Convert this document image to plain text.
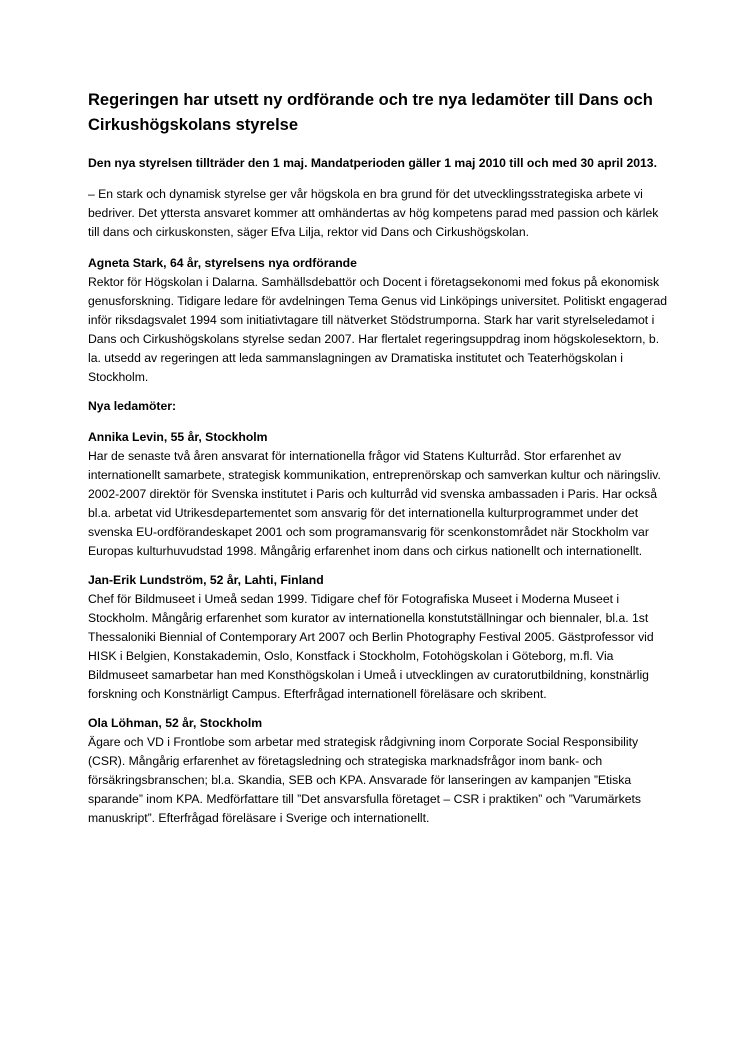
Regeringen har utsett ny ordförande och tre nya ledamöter till Dans och Cirkushögskolans styrelse

Den nya styrelsen tillträder den 1 maj. Mandatperioden gäller 1 maj 2010 till och med 30 april 2013.

– En stark och dynamisk styrelse ger vår högskola en bra grund för det utvecklingsstrategiska arbete vi bedriver. Det yttersta ansvaret kommer att omhändertas av hög kompetens parad med passion och kärlek till dans och cirkuskonsten, säger Efva Lilja, rektor vid Dans och Cirkushögskolan.

Agneta Stark, 64 år, styrelsens nya ordförande

Rektor för Högskolan i Dalarna. Samhällsdebattör och Docent i företagsekonomi med fokus på ekonomisk genusforskning. Tidigare ledare för avdelningen Tema Genus vid Linköpings universitet. Politiskt engagerad inför riksdagsvalet 1994 som initiativtagare till nätverket Stödstrumporna. Stark har varit styrelseledamot i Dans och Cirkushögskolans styrelse sedan 2007. Har flertalet regeringsuppdrag inom högskolesektorn, b. la. utsedd av regeringen att leda sammanslagningen av Dramatiska institutet och Teaterhögskolan i Stockholm.

Nya ledamöter:

Annika Levin, 55 år, Stockholm

Har de senaste två åren ansvarat för internationella frågor vid Statens Kulturråd. Stor erfarenhet av internationellt samarbete, strategisk kommunikation, entreprenörskap och samverkan kultur och näringsliv. 2002-2007 direktör för Svenska institutet i Paris och kulturråd vid svenska ambassaden i Paris. Har också bl.a. arbetat vid Utrikesdepartementet som ansvarig för det internationella kulturprogrammet under det svenska EU-ordförandeskapet 2001 och som programansvarig för scenkonstområdet när Stockholm var Europas kulturhuvudstad 1998. Mångårig erfarenhet inom dans och cirkus nationellt och internationellt.

Jan-Erik Lundström, 52 år, Lahti, Finland

Chef för Bildmuseet i Umeå sedan 1999. Tidigare chef för Fotografiska Museet i Moderna Museet i Stockholm. Mångårig erfarenhet som kurator av internationella konstutställningar och biennaler, bl.a. 1st Thessaloniki Biennial of Contemporary Art 2007 och Berlin Photography Festival 2005. Gästprofessor vid HISK i Belgien, Konstakademin, Oslo, Konstfack i Stockholm, Fotohögskolan i Göteborg, m.fl. Via Bildmuseet samarbetar han med Konsthögskolan i Umeå i utvecklingen av curatorutbildning, konstnärlig forskning och Konstnärligt Campus. Efterfrågad internationell föreläsare och skribent.

Ola Löhman, 52 år, Stockholm

Ägare och VD i Frontlobe som arbetar med strategisk rådgivning inom Corporate Social Responsibility (CSR). Mångårig erfarenhet av företagsledning och strategiska marknadsfrågor inom bank- och försäkringsbranschen; bl.a. Skandia, SEB och KPA. Ansvarade för lanseringen av kampanjen ”Etiska sparande” inom KPA. Medförfattare till ”Det ansvarsfulla företaget – CSR i praktiken” och ”Varumärkets manuskript”. Efterfrågad föreläsare i Sverige och internationellt.
